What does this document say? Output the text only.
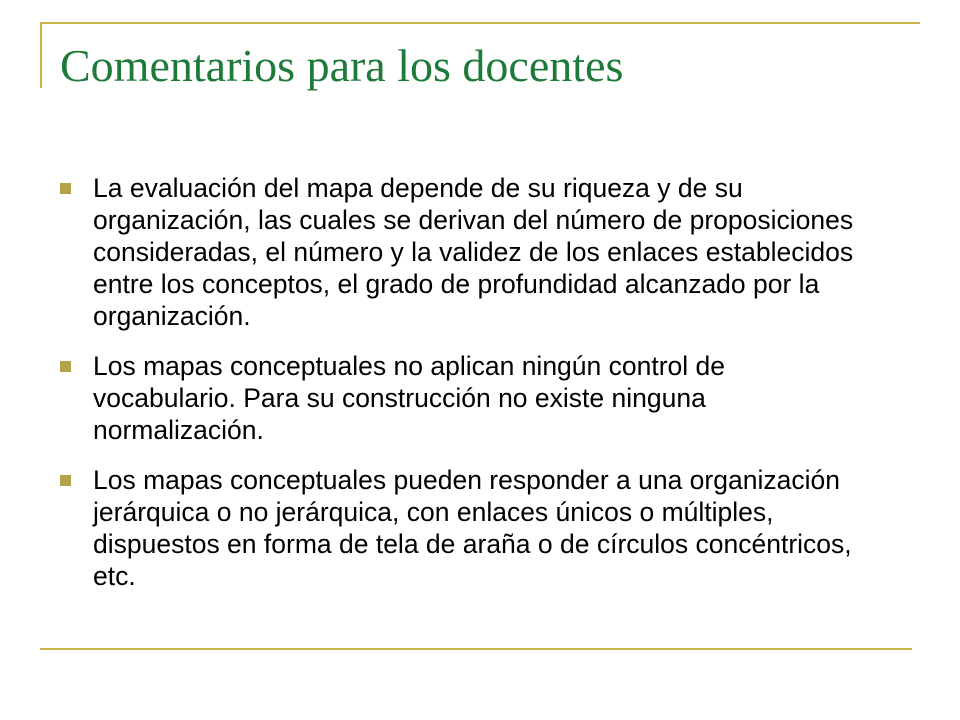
Comentarios para los docentes
La evaluación del mapa depende de su riqueza y de su organización, las cuales se derivan del número de proposiciones consideradas, el número y la validez de los enlaces establecidos entre los conceptos, el grado de profundidad alcanzado por la organización.
Los mapas conceptuales no aplican ningún control de vocabulario. Para su construcción no existe ninguna normalización.
Los mapas conceptuales pueden responder a una organización jerárquica o no jerárquica, con enlaces únicos o múltiples, dispuestos en forma de tela de araña o de círculos concéntricos, etc.
